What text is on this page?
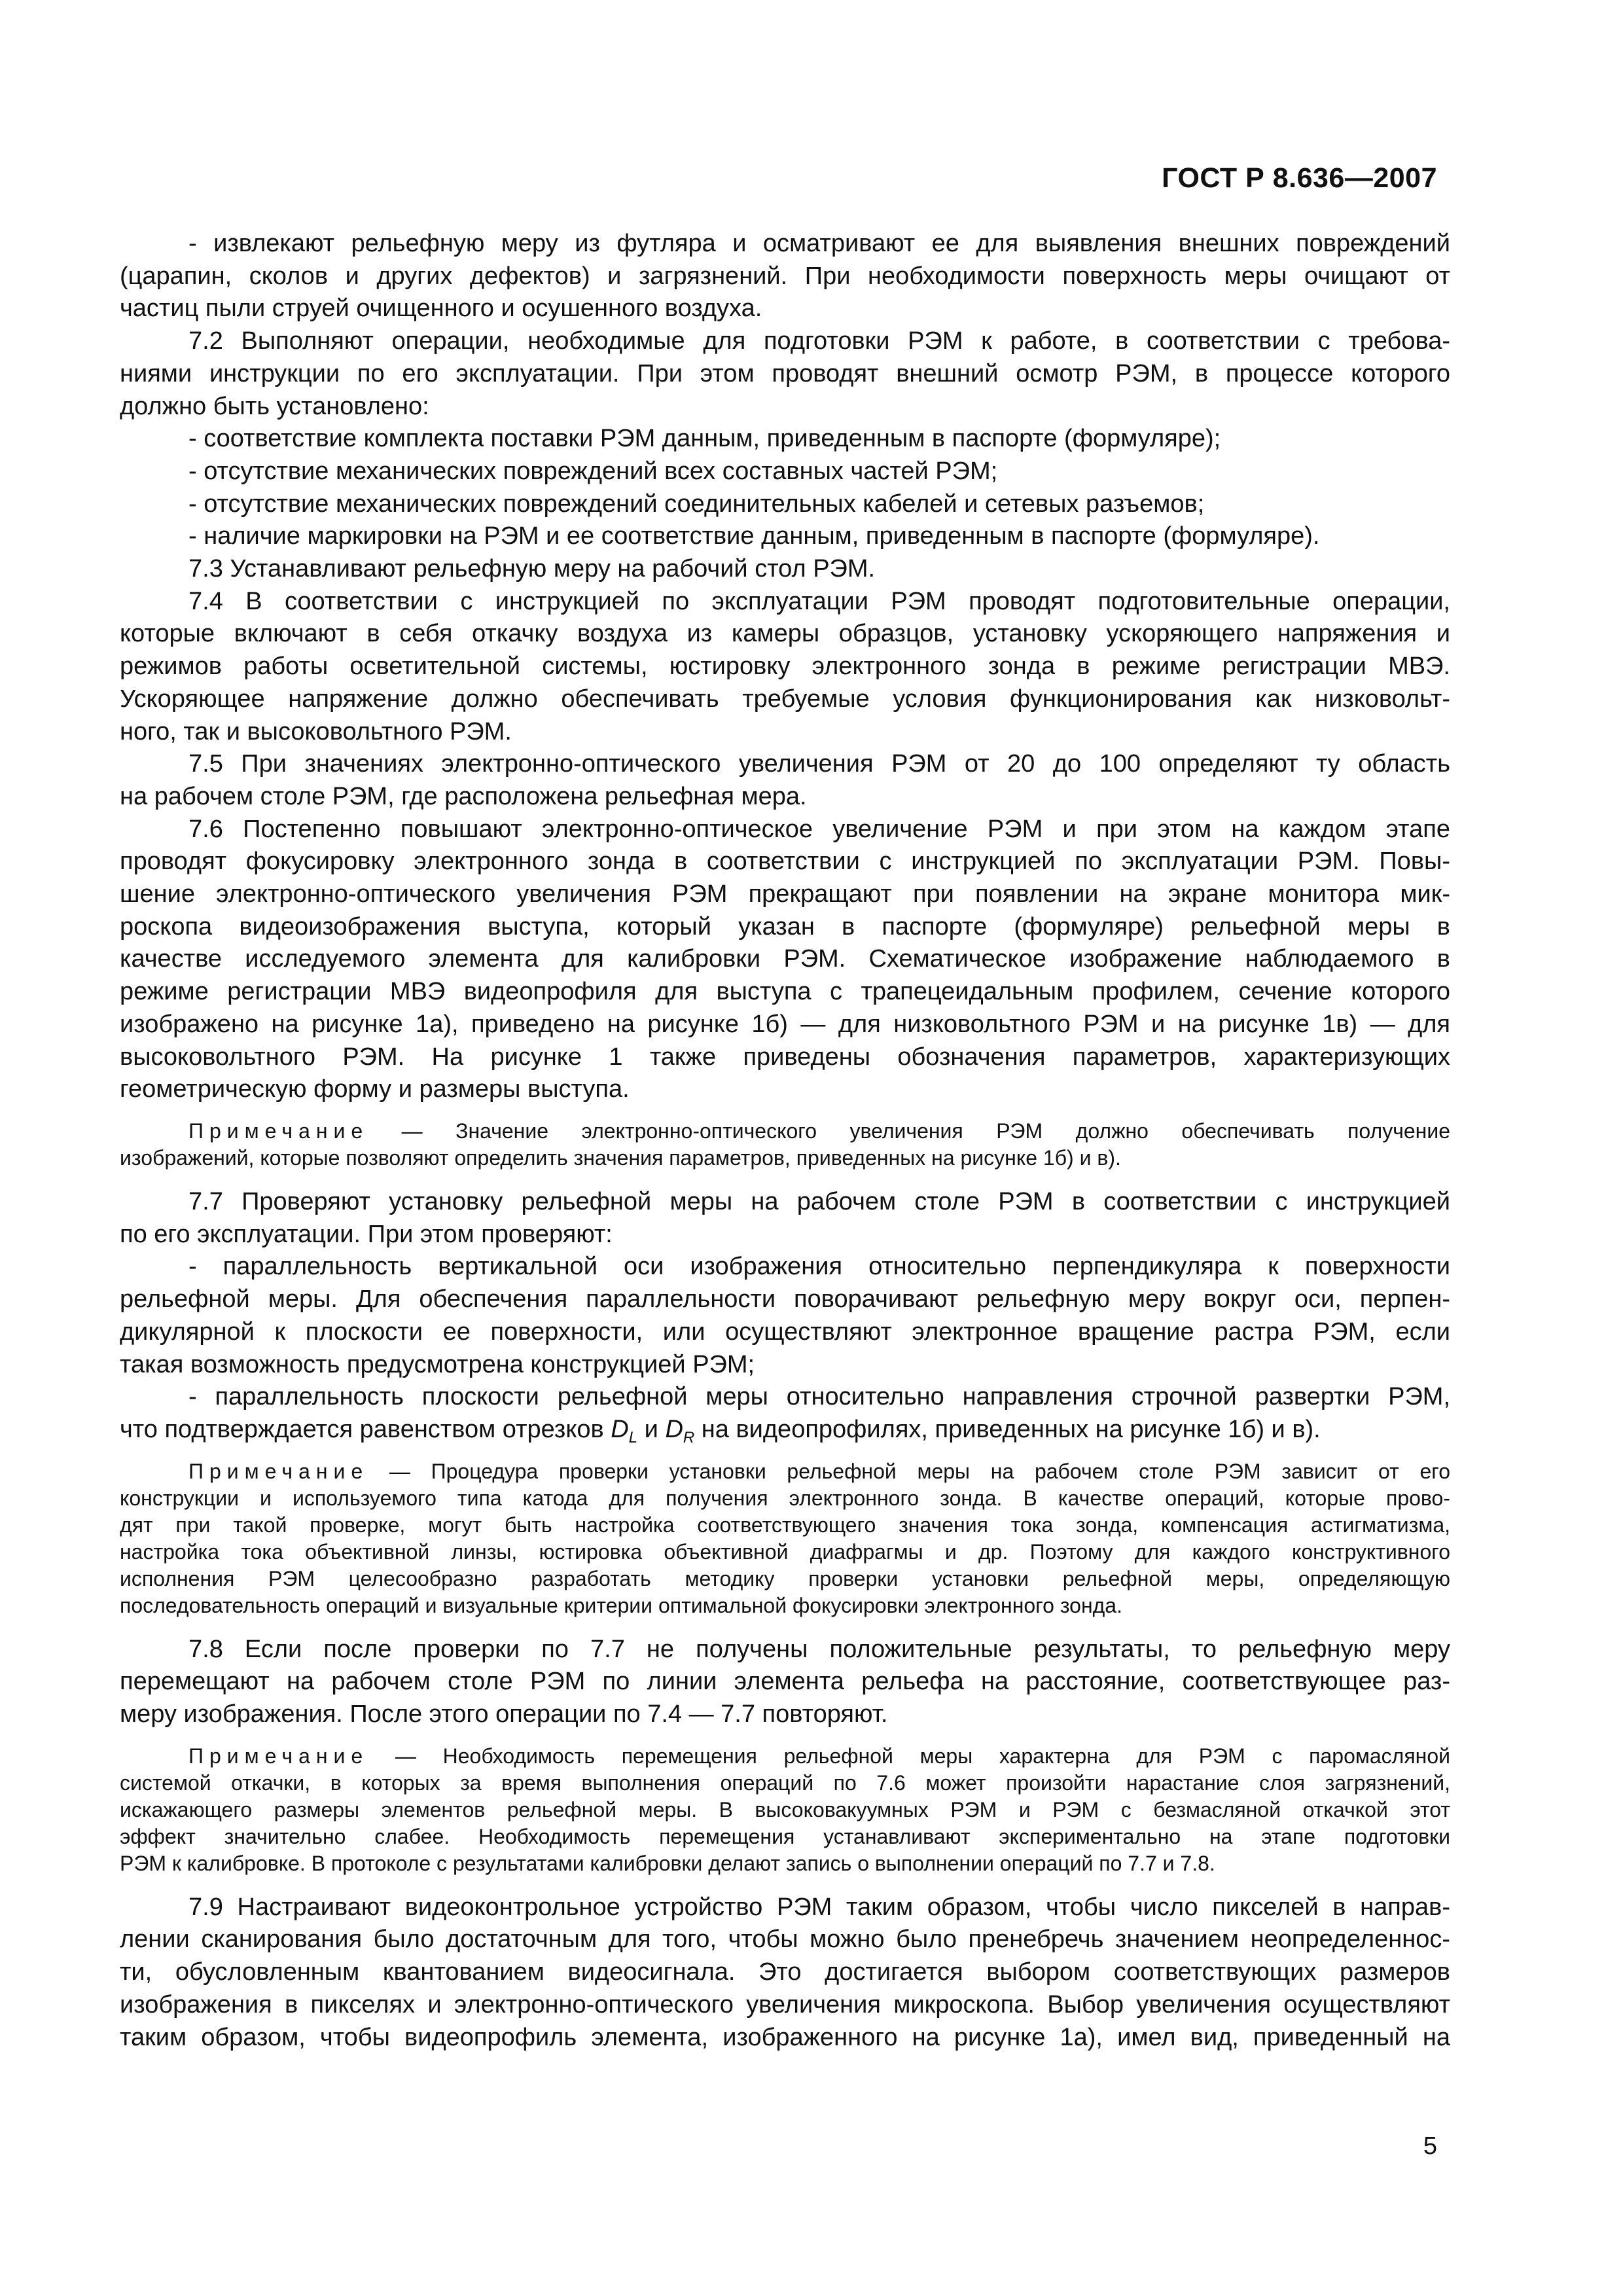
ГОСТ Р 8.636—2007
- извлекают рельефную меру из футляра и осматривают ее для выявления внешних повреждений
(царапин, сколов и других дефектов) и загрязнений. При необходимости поверхность меры очищают от
частиц пыли струей очищенного и осушенного воздуха.
7.2 Выполняют операции, необходимые для подготовки РЭМ к работе, в соответствии с требова-
ниями инструкции по его эксплуатации. При этом проводят внешний осмотр РЭМ, в процессе которого
должно быть установлено:
- соответствие комплекта поставки РЭМ данным, приведенным в паспорте (формуляре);
- отсутствие механических повреждений всех составных частей РЭМ;
- отсутствие механических повреждений соединительных кабелей и сетевых разъемов;
- наличие маркировки на РЭМ и ее соответствие данным, приведенным в паспорте (формуляре).
7.3 Устанавливают рельефную меру на рабочий стол РЭМ.
7.4 В соответствии с инструкцией по эксплуатации РЭМ проводят подготовительные операции,
которые включают в себя откачку воздуха из камеры образцов, установку ускоряющего напряжения и
режимов работы осветительной системы, юстировку электронного зонда в режиме регистрации МВЭ.
Ускоряющее напряжение должно обеспечивать требуемые условия функционирования как низковольт-
ного, так и высоковольтного РЭМ.
7.5 При значениях электронно-оптического увеличения РЭМ от 20 до 100 определяют ту область
на рабочем столе РЭМ, где расположена рельефная мера.
7.6 Постепенно повышают электронно-оптическое увеличение РЭМ и при этом на каждом этапе
проводят фокусировку электронного зонда в соответствии с инструкцией по эксплуатации РЭМ. Повы-
шение электронно-оптического увеличения РЭМ прекращают при появлении на экране монитора мик-
роскопа видеоизображения выступа, который указан в паспорте (формуляре) рельефной меры в
качестве исследуемого элемента для калибровки РЭМ. Схематическое изображение наблюдаемого в
режиме регистрации МВЭ видеопрофиля для выступа с трапецеидальным профилем, сечение которого
изображено на рисунке 1а), приведено на рисунке 1б) — для низковольтного РЭМ и на рисунке 1в) — для
высоковольтного РЭМ. На рисунке 1 также приведены обозначения параметров, характеризующих
геометрическую форму и размеры выступа.
Примечание — Значение электронно-оптического увеличения РЭМ должно обеспечивать получение
изображений, которые позволяют определить значения параметров, приведенных на рисунке 1б) и в).
7.7 Проверяют установку рельефной меры на рабочем столе РЭМ в соответствии с инструкцией
по его эксплуатации. При этом проверяют:
- параллельность вертикальной оси изображения относительно перпендикуляра к поверхности
рельефной меры. Для обеспечения параллельности поворачивают рельефную меру вокруг оси, перпен-
дикулярной к плоскости ее поверхности, или осуществляют электронное вращение растра РЭМ, если
такая возможность предусмотрена конструкцией РЭМ;
- параллельность плоскости рельефной меры относительно направления строчной развертки РЭМ,
что подтверждается равенством отрезков $D_L$ и $D_R$ на видеопрофилях, приведенных на рисунке 1б) и в).
Примечание — Процедура проверки установки рельефной меры на рабочем столе РЭМ зависит от его
конструкции и используемого типа катода для получения электронного зонда. В качестве операций, которые прово-
дят при такой проверке, могут быть настройка соответствующего значения тока зонда, компенсация астигматизма,
настройка тока объективной линзы, юстировка объективной диафрагмы и др. Поэтому для каждого конструктивного
исполнения РЭМ целесообразно разработать методику проверки установки рельефной меры, определяющую
последовательность операций и визуальные критерии оптимальной фокусировки электронного зонда.
7.8 Если после проверки по 7.7 не получены положительные результаты, то рельефную меру
перемещают на рабочем столе РЭМ по линии элемента рельефа на расстояние, соответствующее раз-
меру изображения. После этого операции по 7.4 — 7.7 повторяют.
Примечание — Необходимость перемещения рельефной меры характерна для РЭМ с паромасляной
системой откачки, в которых за время выполнения операций по 7.6 может произойти нарастание слоя загрязнений,
искажающего размеры элементов рельефной меры. В высоковакуумных РЭМ и РЭМ с безмасляной откачкой этот
эффект значительно слабее. Необходимость перемещения устанавливают экспериментально на этапе подготовки
РЭМ к калибровке. В протоколе с результатами калибровки делают запись о выполнении операций по 7.7 и 7.8.
7.9 Настраивают видеоконтрольное устройство РЭМ таким образом, чтобы число пикселей в направ-
лении сканирования было достаточным для того, чтобы можно было пренебречь значением неопределеннос-
ти, обусловленным квантованием видеосигнала. Это достигается выбором соответствующих размеров
изображения в пикселях и электронно-оптического увеличения микроскопа. Выбор увеличения осуществляют
таким образом, чтобы видеопрофиль элемента, изображенного на рисунке 1а), имел вид, приведенный на
5
